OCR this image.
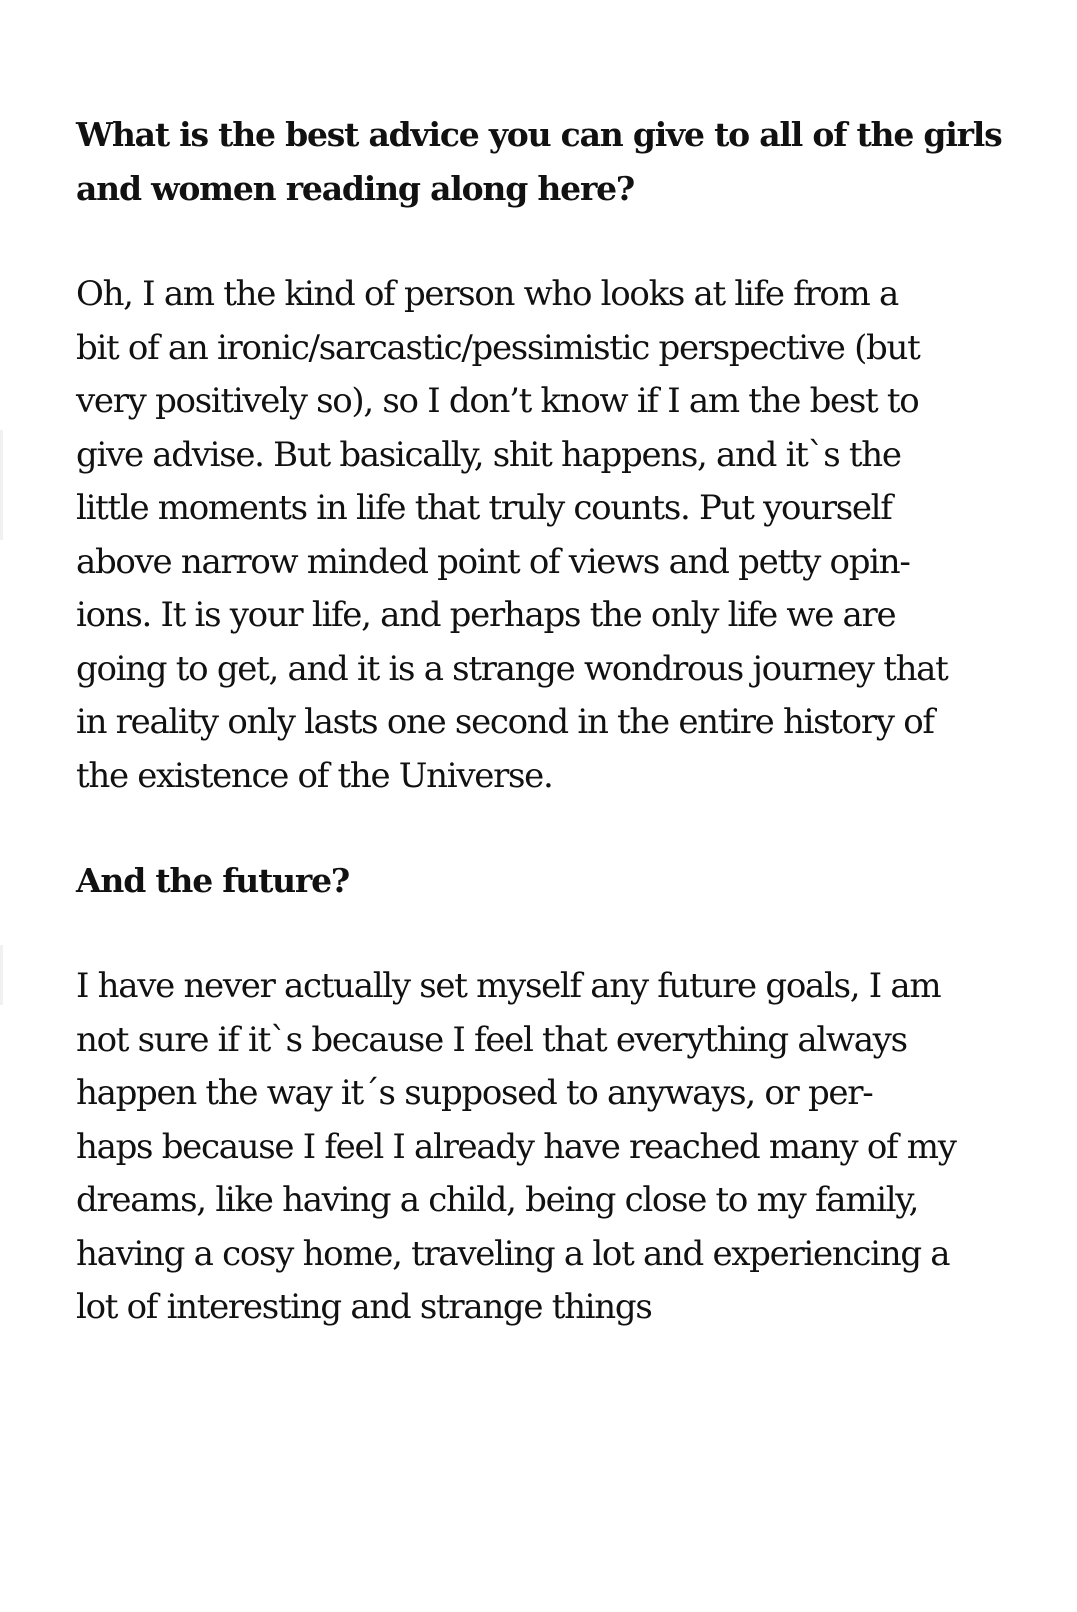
What is the best advice you can give to all of the girls
and women reading along here?

Oh, I am the kind of person who looks at life from a
bit of an ironic/sarcastic/pessimistic perspective (but
very positively so), so I don’t know if I am the best to
give advise. But basically, shit happens, and it`s the
little moments in life that truly counts. Put yourself
above narrow minded point of views and petty opin-
ions. It is your life, and perhaps the only life we are
going to get, and it is a strange wondrous journey that
in reality only lasts one second in the entire history of
the existence of the Universe.

And the future?

I have never actually set myself any future goals, I am
not sure if it`s because I feel that everything always
happen the way it´s supposed to anyways, or per-
haps because I feel I already have reached many of my
dreams, like having a child, being close to my family,
having a cosy home, traveling a lot and experiencing a
lot of interesting and strange things
